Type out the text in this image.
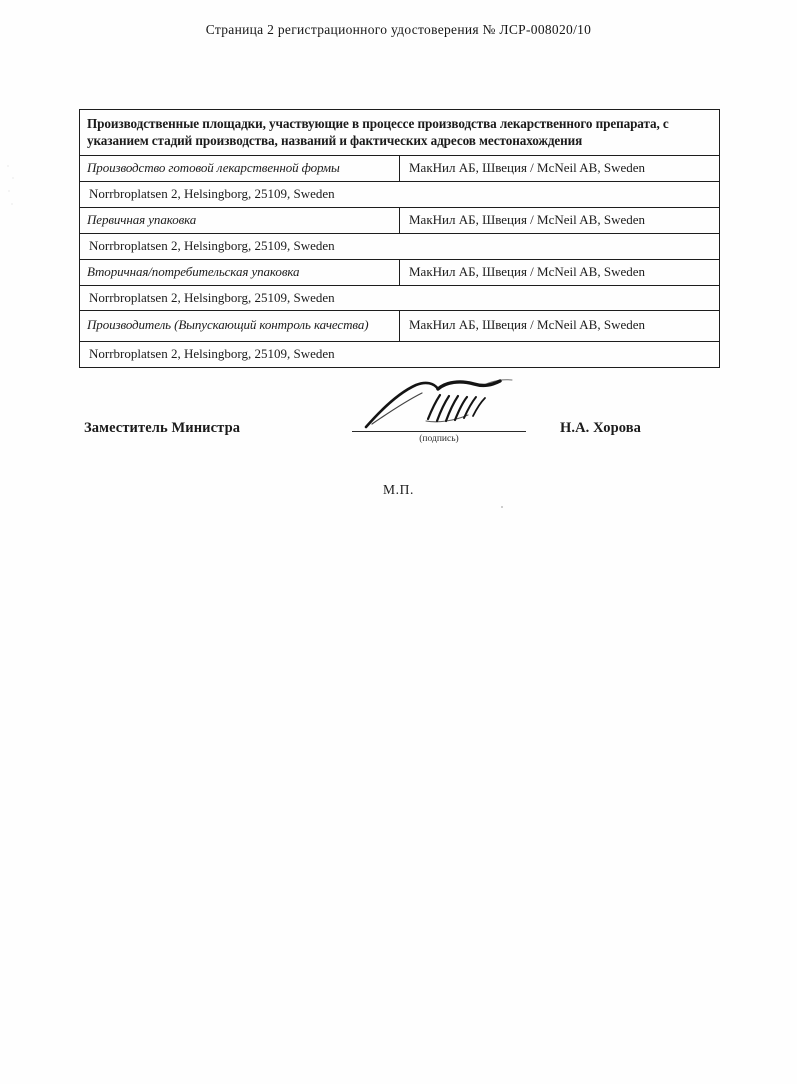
Страница 2 регистрационного удостоверения № ЛСР-008020/10
Производственные площадки, участвующие в процессе производства лекарственного препарата, с указанием стадий производства, названий и фактических адресов местонахождения	
Производство готовой лекарственной формы	МакНил АБ, Швеция / McNeil AB, Sweden
Norrbroplatsen 2, Helsingborg, 25109, Sweden	
Первичная упаковка	МакНил АБ, Швеция / McNeil AB, Sweden
Norrbroplatsen 2, Helsingborg, 25109, Sweden	
Вторичная/потребительская упаковка	МакНил АБ, Швеция / McNeil AB, Sweden
Norrbroplatsen 2, Helsingborg, 25109, Sweden	
Производитель (Выпускающий контроль качества)	МакНил АБ, Швеция / McNeil AB, Sweden
Norrbroplatsen 2, Helsingborg, 25109, Sweden	
Заместитель Министра
(подпись)
Н.А. Хорова
М.П.
